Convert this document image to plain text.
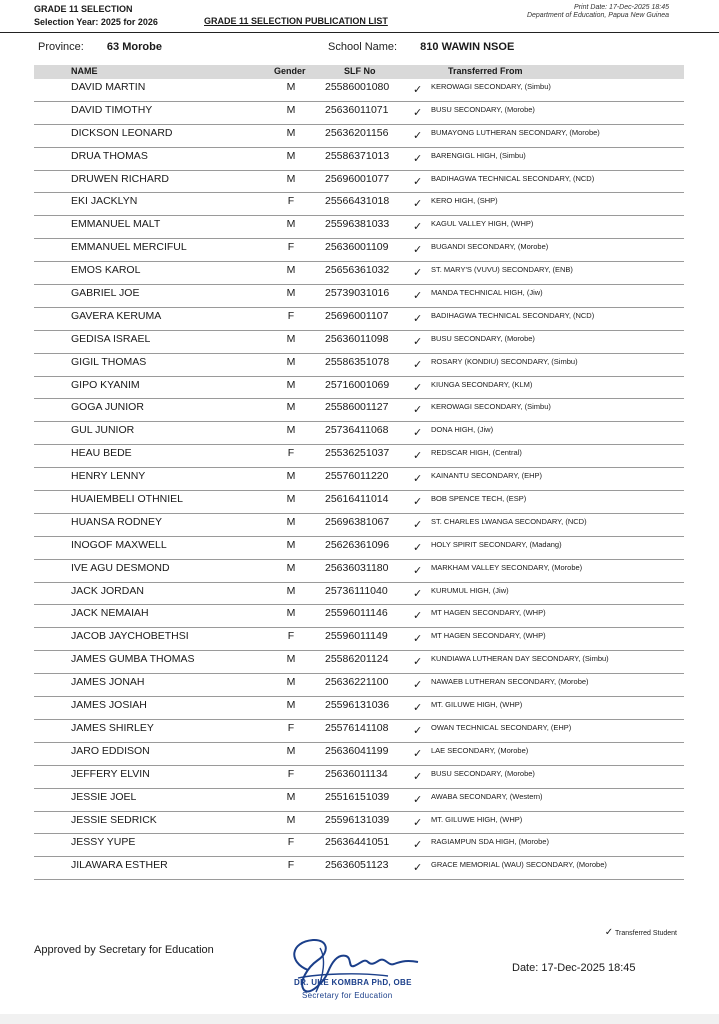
GRADE 11 SELECTION
Selection Year: 2025 for 2026	GRADE 11 SELECTION PUBLICATION LIST
Print Date: 17-Dec-2025 18:45
Department of Education, Papua New Guinea
Province: 63 Morobe	School Name: 810 WAWIN NSOE
NAME	Gender	SLF No	Transferred From
DAVID MARTIN	M	25586001080 ✓ KEROWAGI SECONDARY, (Simbu)
DAVID TIMOTHY	M	25636011071 ✓ BUSU SECONDARY, (Morobe)
DICKSON LEONARD	M	25636201156 ✓ BUMAYONG LUTHERAN SECONDARY, (Morobe)
DRUA THOMAS	M	25586371013 ✓ BARENGIGL HIGH, (Simbu)
DRUWEN RICHARD	M	25696001077 ✓ BADIHAGWA TECHNICAL SECONDARY, (NCD)
EKI JACKLYN	F	25566431018 ✓ KERO HIGH, (SHP)
EMMANUEL MALT	M	25596381033 ✓ KAGUL VALLEY HIGH, (WHP)
EMMANUEL MERCIFUL	F	25636001109 ✓ BUGANDI SECONDARY, (Morobe)
EMOS KAROL	M	25656361032 ✓ ST. MARY'S (VUVU) SECONDARY, (ENB)
GABRIEL JOE	M	25739031016 ✓ MANDA TECHNICAL HIGH, (Jiw)
GAVERA KERUMA	F	25696001107 ✓ BADIHAGWA TECHNICAL SECONDARY, (NCD)
GEDISA ISRAEL	M	25636011098 ✓ BUSU SECONDARY, (Morobe)
GIGIL THOMAS	M	25586351078 ✓ ROSARY (KONDIU) SECONDARY, (Simbu)
GIPO KYANIM	M	25716001069 ✓ KIUNGA SECONDARY, (KLM)
GOGA JUNIOR	M	25586001127 ✓ KEROWAGI SECONDARY, (Simbu)
GUL JUNIOR	M	25736411068 ✓ DONA HIGH, (Jiw)
HEAU BEDE	F	25536251037 ✓ REDSCAR HIGH, (Central)
HENRY LENNY	M	25576011220 ✓ KAINANTU SECONDARY, (EHP)
HUAIEMBELI OTHNIEL	M	25616411014 ✓ BOB SPENCE TECH, (ESP)
HUANSA RODNEY	M	25696381067 ✓ ST. CHARLES LWANGA SECONDARY, (NCD)
INOGOF MAXWELL	M	25626361096 ✓ HOLY SPIRIT SECONDARY, (Madang)
IVE AGU DESMOND	M	25636031180 ✓ MARKHAM VALLEY SECONDARY, (Morobe)
JACK JORDAN	M	25736111040 ✓ KURUMUL HIGH, (Jiw)
JACK NEMAIAH	M	25596011146 ✓ MT HAGEN SECONDARY, (WHP)
JACOB JAYCHOBETHSI	F	25596011149 ✓ MT HAGEN SECONDARY, (WHP)
JAMES GUMBA THOMAS	M	25586201124 ✓ KUNDIAWA LUTHERAN DAY SECONDARY, (Simbu)
JAMES JONAH	M	25636221100 ✓ NAWAEB LUTHERAN SECONDARY, (Morobe)
JAMES JOSIAH	M	25596131036 ✓ MT. GILUWE HIGH, (WHP)
JAMES SHIRLEY	F	25576141108 ✓ OWAN TECHNICAL SECONDARY, (EHP)
JARO EDDISON	M	25636041199 ✓ LAE SECONDARY, (Morobe)
JEFFERY ELVIN	F	25636011134 ✓ BUSU SECONDARY, (Morobe)
JESSIE JOEL	M	25516151039 ✓ AWABA SECONDARY, (Western)
JESSIE SEDRICK	M	25596131039 ✓ MT. GILUWE HIGH, (WHP)
JESSY YUPE	F	25636441051 ✓ RAGIAMPUN SDA HIGH, (Morobe)
JILAWARA ESTHER	F	25636051123 ✓ GRACE MEMORIAL (WAU) SECONDARY, (Morobe)
✓ Transferred Student
Approved by Secretary for Education
DR. UKE KOMBRA PhD, OBE
Secretary for Education
Date: 17-Dec-2025 18:45
